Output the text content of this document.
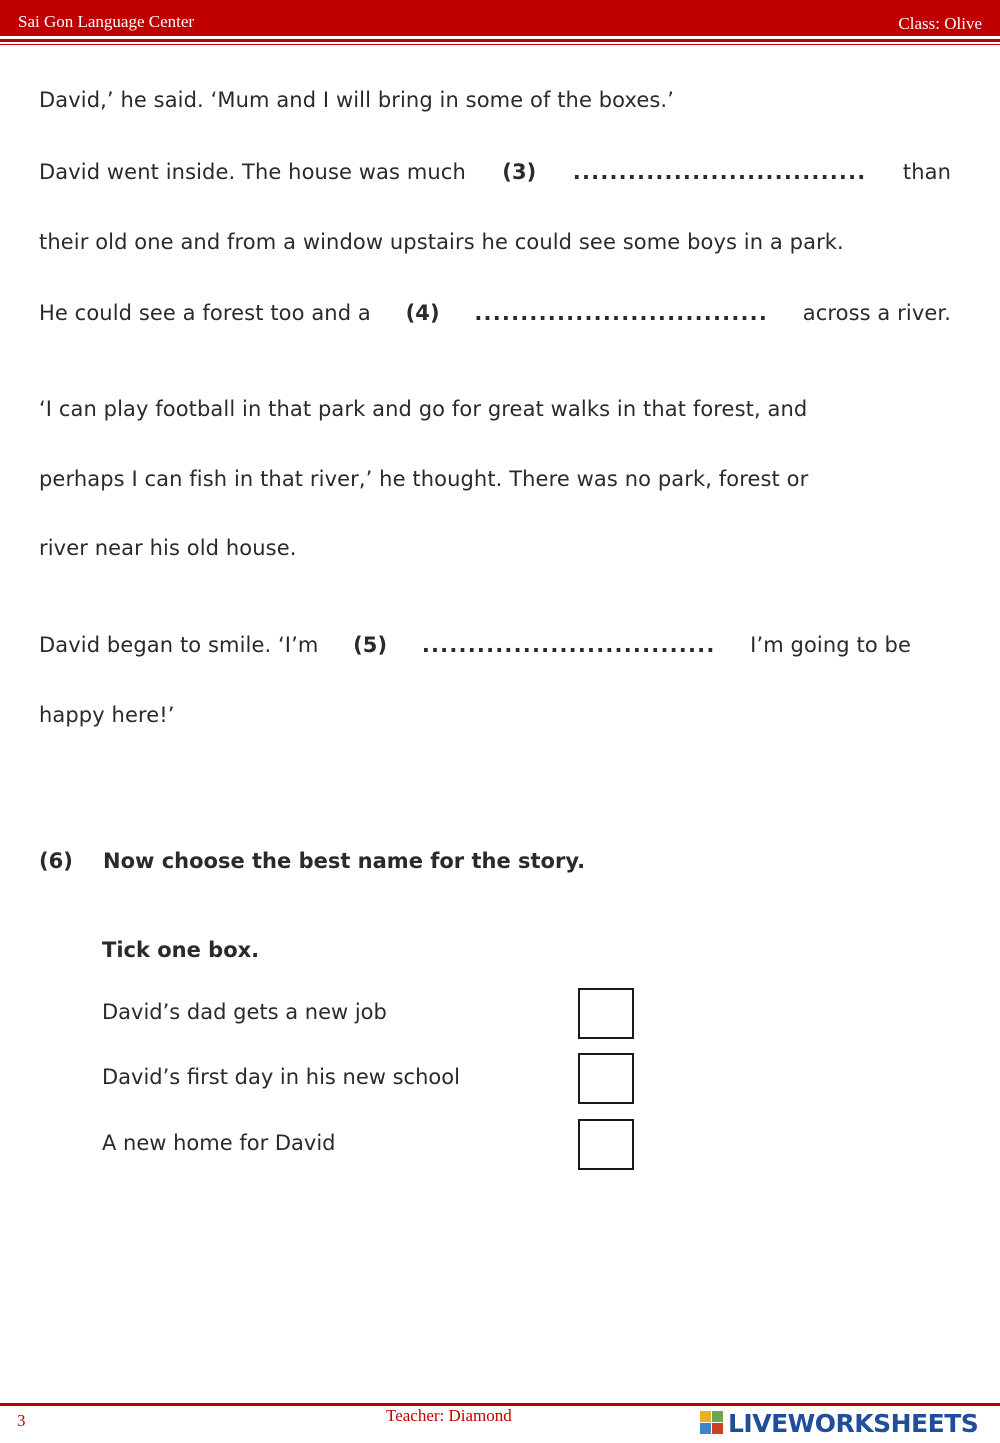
Sai Gon Language Center	Class: Olive
David,’ he said. ‘Mum and I will bring in some of the boxes.’
David went inside. The house was much (3) ................................ than
their old one and from a window upstairs he could see some boys in a park.
He could see a forest too and a (4) ................................ across a river.
‘I can play football in that park and go for great walks in that forest, and
perhaps I can fish in that river,’ he thought. There was no park, forest or
river near his old house.
David began to smile. ‘I’m (5) ................................ I’m going to be
happy here!’
(6) Now choose the best name for the story.
Tick one box.
David’s dad gets a new job
David’s first day in his new school
A new home for David
3	Teacher: Diamond	LIVEWORKSHEETS
